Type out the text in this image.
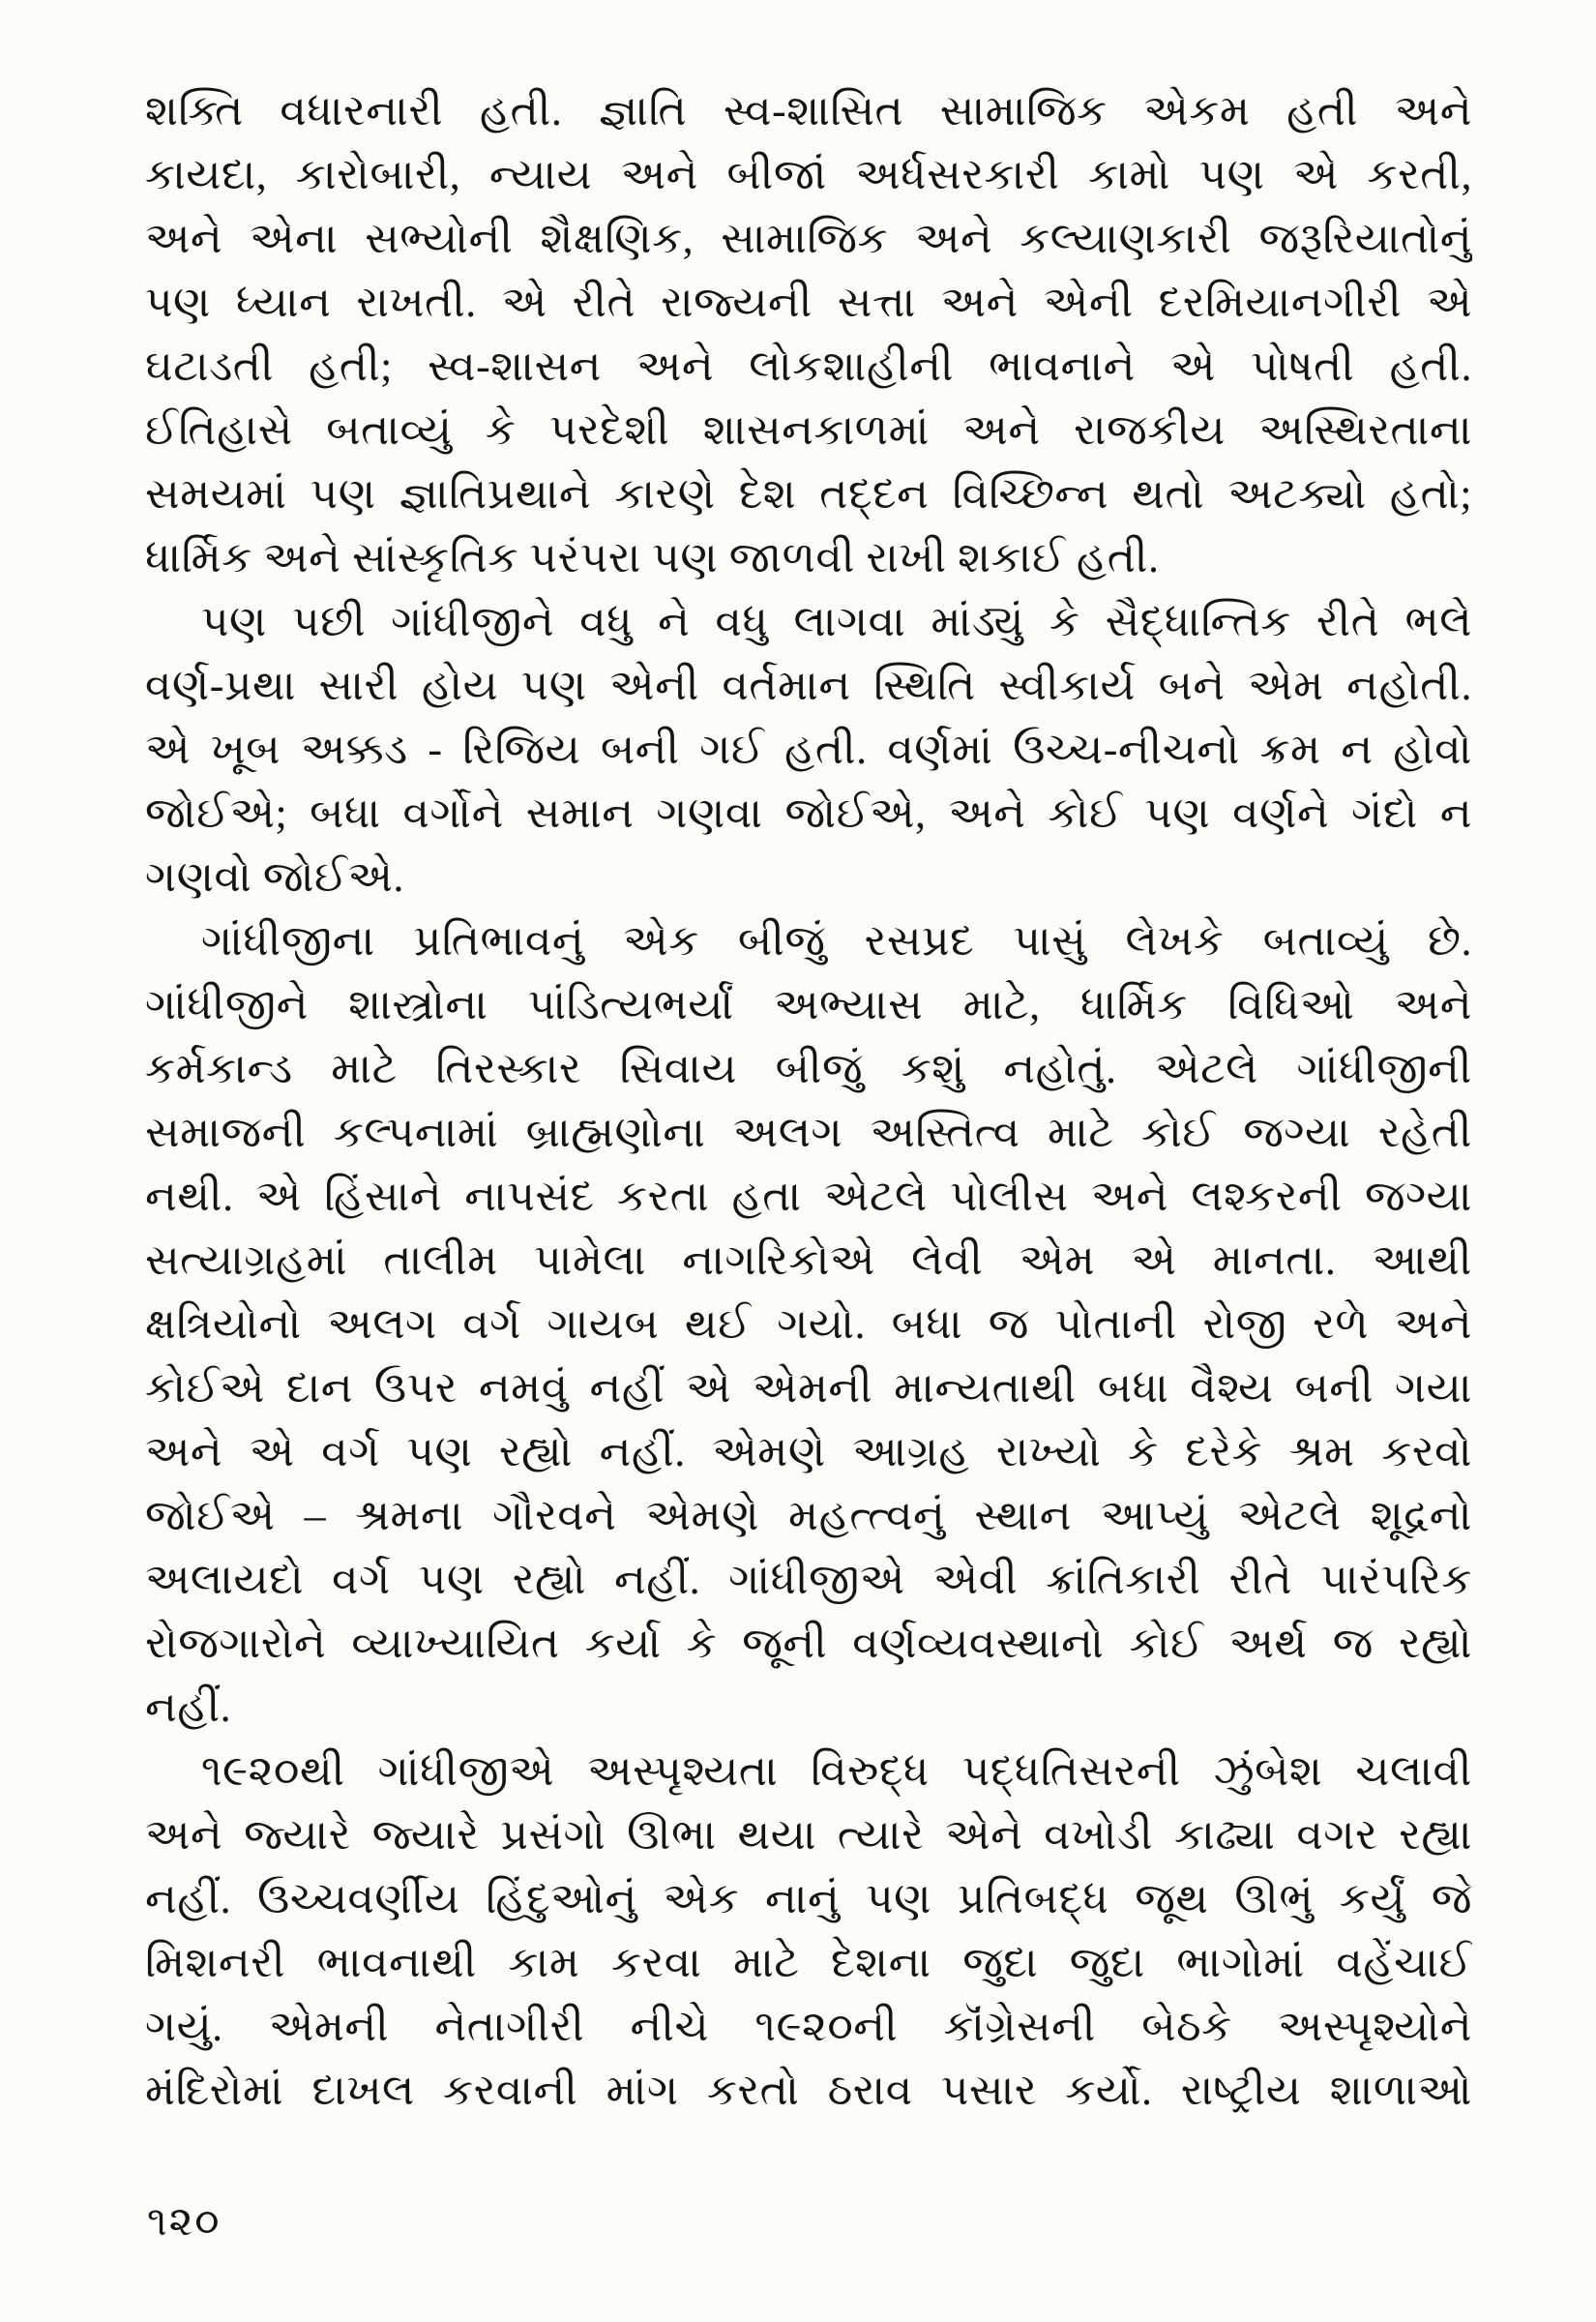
શક્તિ વધારનારી હતી. જ્ઞાતિ સ્વ-શાસિત સામાજિક એકમ હતી અને
કાયદા, કારોબારી, ન્યાય અને બીજાં અર્ધસરકારી કામો પણ એ કરતી,
અને એના સભ્યોની શૈક્ષણિક, સામાજિક અને કલ્યાણકારી જરૂરિયાતોનું
પણ ધ્યાન રાખતી. એ રીતે રાજ્યની સત્તા અને એની દરમિયાનગીરી એ
ઘટાડતી હતી; સ્વ-શાસન અને લોકશાહીની ભાવનાને એ પોષતી હતી.
ઈતિહાસે બતાવ્યું કે પરદેશી શાસનકાળમાં અને રાજકીય અસ્થિરતાના
સમયમાં પણ જ્ઞાતિપ્રથાને કારણે દેશ તદ્દન વિચ્છિન્ન થતો અટક્યો હતો;
ધાર્મિક અને સાંસ્કૃતિક પરંપરા પણ જાળવી રાખી શકાઈ હતી.
પણ પછી ગાંધીજીને વધુ ને વધુ લાગવા માંડ્યું કે સૈદ્ધાન્તિક રીતે ભલે
વર્ણ-પ્રથા સારી હોય પણ એની વર્તમાન સ્થિતિ સ્વીકાર્ય બને એમ નહોતી.
એ ખૂબ અક્કડ - રિજિય બની ગઈ હતી. વર્ણમાં ઉચ્ચ-નીચનો ક્રમ ન હોવો
જોઈએ; બધા વર્ગોને સમાન ગણવા જોઈએ, અને કોઈ પણ વર્ણને ગંદો ન
ગણવો જોઈએ.
ગાંધીજીના પ્રતિભાવનું એક બીજું રસપ્રદ પાસું લેખકે બતાવ્યું છે.
ગાંધીજીને શાસ્ત્રોના પાંડિત્યભર્યાં અભ્યાસ માટે, ધાર્મિક વિધિઓ અને
કર્મકાન્ડ માટે તિરસ્કાર સિવાય બીજું કશું નહોતું. એટલે ગાંધીજીની
સમાજની કલ્પનામાં બ્રાહ્મણોના અલગ અસ્તિત્વ માટે કોઈ જગ્યા રહેતી
નથી. એ હિંસાને નાપસંદ કરતા હતા એટલે પોલીસ અને લશ્કરની જગ્યા
સત્યાગ્રહમાં તાલીમ પામેલા નાગરિકોએ લેવી એમ એ માનતા. આથી
ક્ષત્રિયોનો અલગ વર્ગ ગાયબ થઈ ગયો. બધા જ પોતાની રોજી રળે અને
કોઈએ દાન ઉપર નમવું નહીં એ એમની માન્યતાથી બધા વૈશ્ય બની ગયા
અને એ વર્ગ પણ રહ્યો નહીં. એમણે આગ્રહ રાખ્યો કે દરેકે શ્રમ કરવો
જોઈએ – શ્રમના ગૌરવને એમણે મહત્ત્વનું સ્થાન આપ્યું એટલે શૂદ્રનો
અલાયદો વર્ગ પણ રહ્યો નહીં. ગાંધીજીએ એવી ક્રાંતિકારી રીતે પારંપરિક
રોજગારોને વ્યાખ્યાયિત કર્યા કે જૂની વર્ણવ્યવસ્થાનો કોઈ અર્થ જ રહ્યો
નહીં.
૧૯૨૦થી ગાંધીજીએ અસ્પૃશ્યતા વિરુદ્ધ પદ્ધતિસરની ઝુંબેશ ચલાવી
અને જ્યારે જ્યારે પ્રસંગો ઊભા થયા ત્યારે એને વખોડી કાઢ્યા વગર રહ્યા
નહીં. ઉચ્ચવર્ણીય હિંદુઓનું એક નાનું પણ પ્રતિબદ્ધ જૂથ ઊભું કર્યું જે
મિશનરી ભાવનાથી કામ કરવા માટે દેશના જુદા જુદા ભાગોમાં વહેંચાઈ
ગયું. એમની નેતાગીરી નીચે ૧૯૨૦ની કૉંગ્રેસની બેઠકે અસ્પૃશ્યોને
મંદિરોમાં દાખલ કરવાની માંગ કરતો ઠરાવ પસાર કર્યો. રાષ્ટ્રીય શાળાઓ
૧૨૦
